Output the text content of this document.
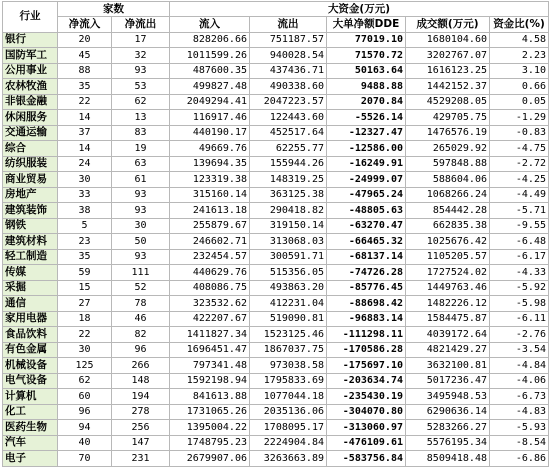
行业	家数		大资金(万元)				
	净流入	净流出	流入	流出	大单净额DDE	成交额(万元)	资金比(%)
银行	20	17	828206.66	751187.57	77019.10	1680104.60	4.58
国防军工	45	32	1011599.26	940028.54	71570.72	3202767.07	2.23
公用事业	88	93	487600.35	437436.71	50163.64	1616123.25	3.10
农林牧渔	35	53	499827.48	490338.60	9488.88	1442152.37	0.66
非银金融	22	62	2049294.41	2047223.57	2070.84	4529208.05	0.05
休闲服务	14	13	116917.46	122443.60	-5526.14	429705.75	-1.29
交通运输	37	83	440190.17	452517.64	-12327.47	1476576.19	-0.83
综合	14	19	49669.76	62255.77	-12586.00	265029.92	-4.75
纺织服装	24	63	139694.35	155944.26	-16249.91	597848.88	-2.72
商业贸易	30	61	123319.38	148319.25	-24999.07	588604.06	-4.25
房地产	33	93	315160.14	363125.38	-47965.24	1068266.24	-4.49
建筑装饰	38	93	241613.18	290418.82	-48805.63	854442.28	-5.71
钢铁	5	30	255879.67	319150.14	-63270.47	662835.38	-9.55
建筑材料	23	50	246602.71	313068.03	-66465.32	1025676.42	-6.48
轻工制造	35	93	232454.57	300591.71	-68137.14	1105205.57	-6.17
传媒	59	111	440629.76	515356.05	-74726.28	1727524.02	-4.33
采掘	15	52	408086.75	493863.20	-85776.45	1449763.46	-5.92
通信	27	78	323532.62	412231.04	-88698.42	1482226.12	-5.98
家用电器	18	46	422207.67	519090.81	-96883.14	1584475.87	-6.11
食品饮料	22	82	1411827.34	1523125.46	-111298.11	4039172.64	-2.76
有色金属	30	96	1696451.47	1867037.75	-170586.28	4821429.27	-3.54
机械设备	125	266	797341.48	973038.58	-175697.10	3632100.81	-4.84
电气设备	62	148	1592198.94	1795833.69	-203634.74	5017236.47	-4.06
计算机	60	194	841613.88	1077044.18	-235430.19	3495948.53	-6.73
化工	96	278	1731065.26	2035136.06	-304070.80	6290636.14	-4.83
医药生物	94	256	1395004.22	1708095.17	-313060.97	5283266.27	-5.93
汽车	40	147	1748795.23	2224904.84	-476109.61	5576195.34	-8.54
电子	70	231	2679907.06	3263663.89	-583756.84	8509418.48	-6.86
